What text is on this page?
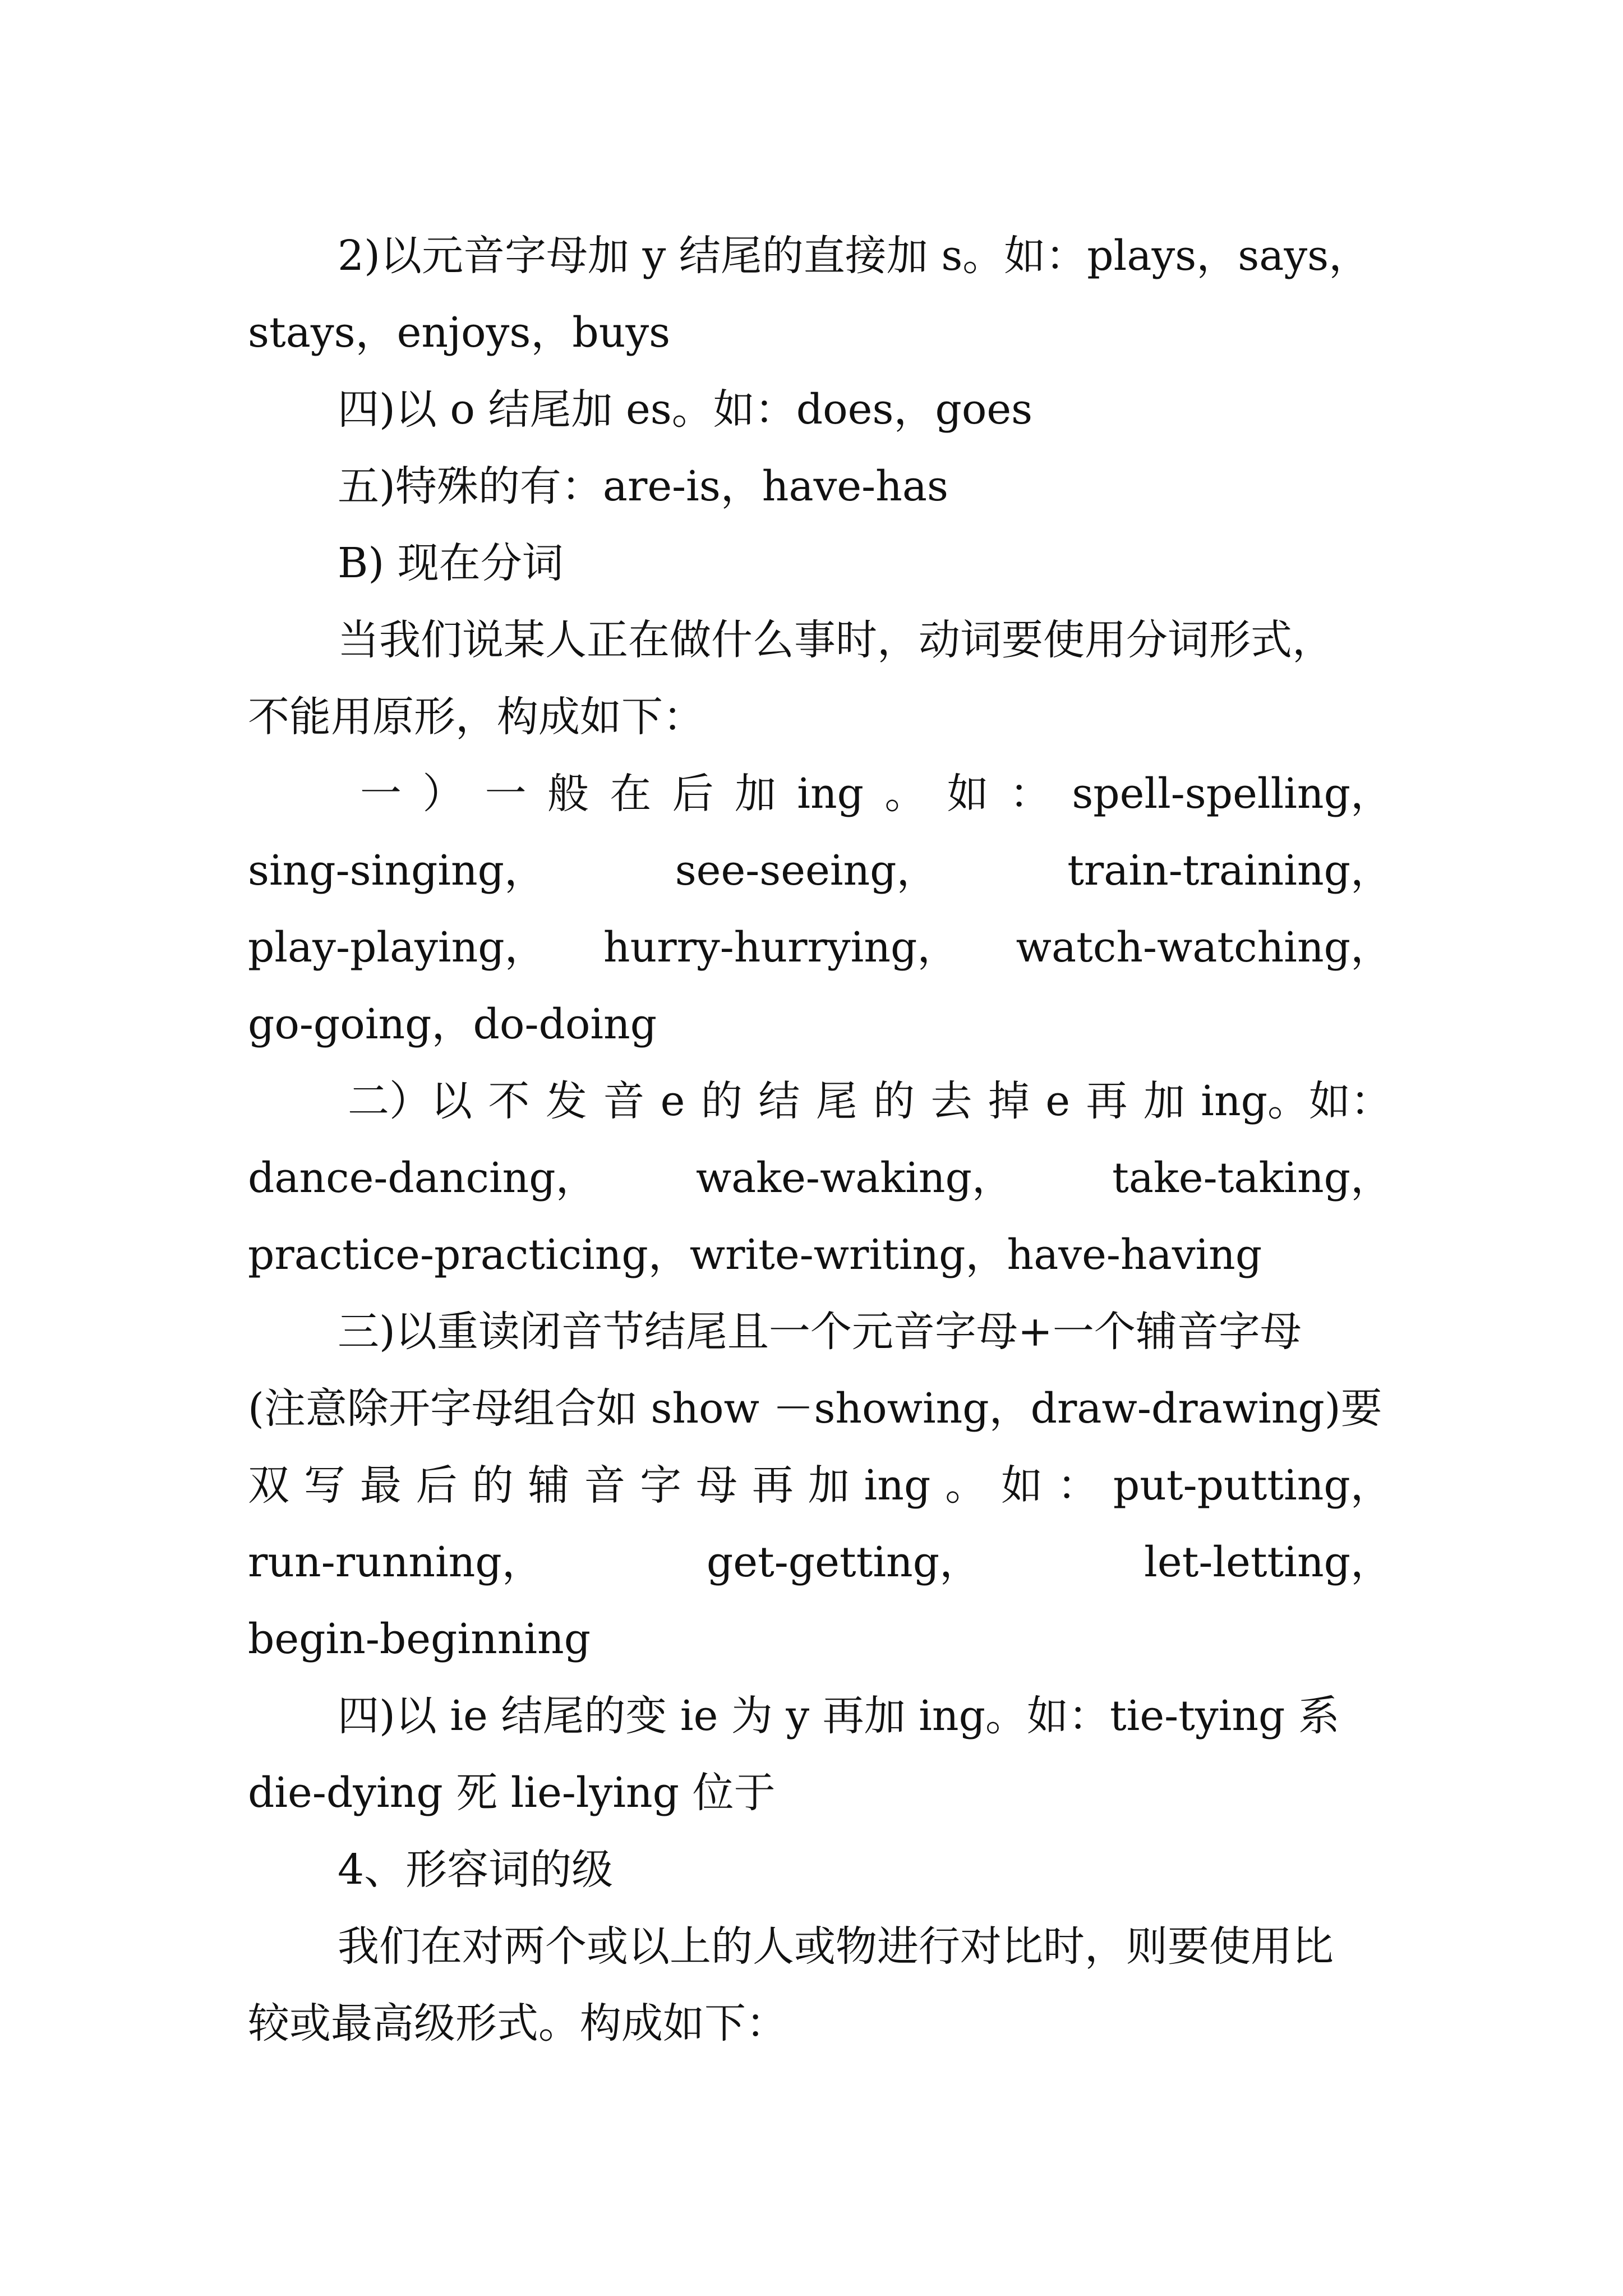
2)以元音字母加 y 结尾的直接加 s。如：plays，says，
stays，enjoys，buys
四)以 o 结尾加 es。如：does，goes
五)特殊的有：are-is，have-has
B) 现在分词
当我们说某人正在做什么事时，动词要使用分词形式，
不能用原形，构成如下：
一 ） 一 般 在 后 加 ing 。 如 ： spell-spelling，
sing-singing，	see-seeing，	train-training，
play-playing， hurry-hurrying， watch-watching，
go-going，do-doing
二）以 不 发 音 e 的 结 尾 的 去 掉 e 再 加 ing。如：
dance-dancing， wake-waking， take-taking，
practice-practicing，write-writing，have-having
三)以重读闭音节结尾且一个元音字母+一个辅音字母
(注意除开字母组合如 show －showing，draw-drawing)要
双 写 最 后 的 辅 音 字 母 再 加 ing 。 如 ： put-putting，
run-running，	get-getting，	let-letting，
begin-beginning
四)以 ie 结尾的变 ie 为 y 再加 ing。如：tie-tying 系
die-dying 死 lie-lying 位于
4、形容词的级
我们在对两个或以上的人或物进行对比时，则要使用比
较或最高级形式。构成如下：
